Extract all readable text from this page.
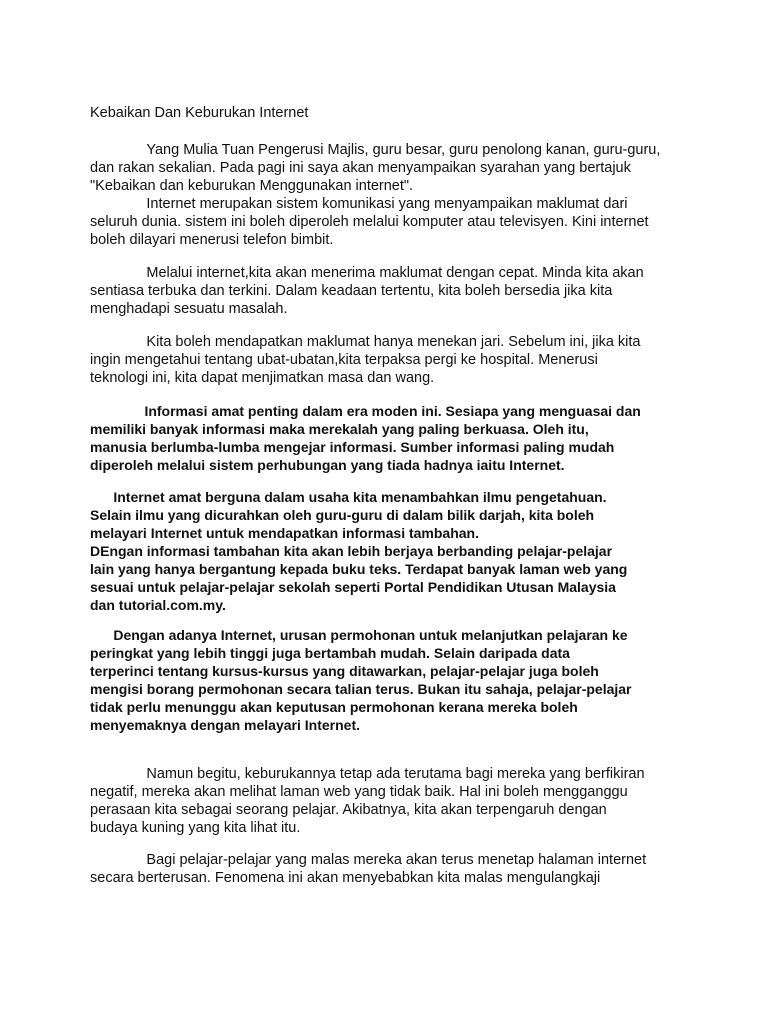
Kebaikan Dan Keburukan Internet
Yang Mulia Tuan Pengerusi Majlis, guru besar, guru penolong kanan, guru-guru,
dan rakan sekalian. Pada pagi ini saya akan menyampaikan syarahan yang bertajuk
"Kebaikan dan keburukan Menggunakan internet".
Internet merupakan sistem komunikasi yang menyampaikan maklumat dari
seluruh dunia. sistem ini boleh diperoleh melalui komputer atau televisyen. Kini internet
boleh dilayari menerusi telefon bimbit.
Melalui internet,kita akan menerima maklumat dengan cepat. Minda kita akan
sentiasa terbuka dan terkini. Dalam keadaan tertentu, kita boleh bersedia jika kita
menghadapi sesuatu masalah.
Kita boleh mendapatkan maklumat hanya menekan jari. Sebelum ini, jika kita
ingin mengetahui tentang ubat-ubatan,kita terpaksa pergi ke hospital. Menerusi
teknologi ini, kita dapat menjimatkan masa dan wang.
Informasi amat penting dalam era moden ini. Sesiapa yang menguasai dan
memiliki banyak informasi maka merekalah yang paling berkuasa. Oleh itu,
manusia berlumba-lumba mengejar informasi. Sumber informasi paling mudah
diperoleh melalui sistem perhubungan yang tiada hadnya iaitu Internet.
Internet amat berguna dalam usaha kita menambahkan ilmu pengetahuan.
Selain ilmu yang dicurahkan oleh guru-guru di dalam bilik darjah, kita boleh
melayari Internet untuk mendapatkan informasi tambahan.
DEngan informasi tambahan kita akan lebih berjaya berbanding pelajar-pelajar
lain yang hanya bergantung kepada buku teks. Terdapat banyak laman web yang
sesuai untuk pelajar-pelajar sekolah seperti Portal Pendidikan Utusan Malaysia
dan tutorial.com.my.
Dengan adanya Internet, urusan permohonan untuk melanjutkan pelajaran ke
peringkat yang lebih tinggi juga bertambah mudah. Selain daripada data
terperinci tentang kursus-kursus yang ditawarkan, pelajar-pelajar juga boleh
mengisi borang permohonan secara talian terus. Bukan itu sahaja, pelajar-pelajar
tidak perlu menunggu akan keputusan permohonan kerana mereka boleh
menyemaknya dengan melayari Internet.
Namun begitu, keburukannya tetap ada terutama bagi mereka yang berfikiran
negatif, mereka akan melihat laman web yang tidak baik. Hal ini boleh mengganggu
perasaan kita sebagai seorang pelajar. Akibatnya, kita akan terpengaruh dengan
budaya kuning yang kita lihat itu.
Bagi pelajar-pelajar yang malas mereka akan terus menetap halaman internet
secara berterusan. Fenomena ini akan menyebabkan kita malas mengulangkaji
